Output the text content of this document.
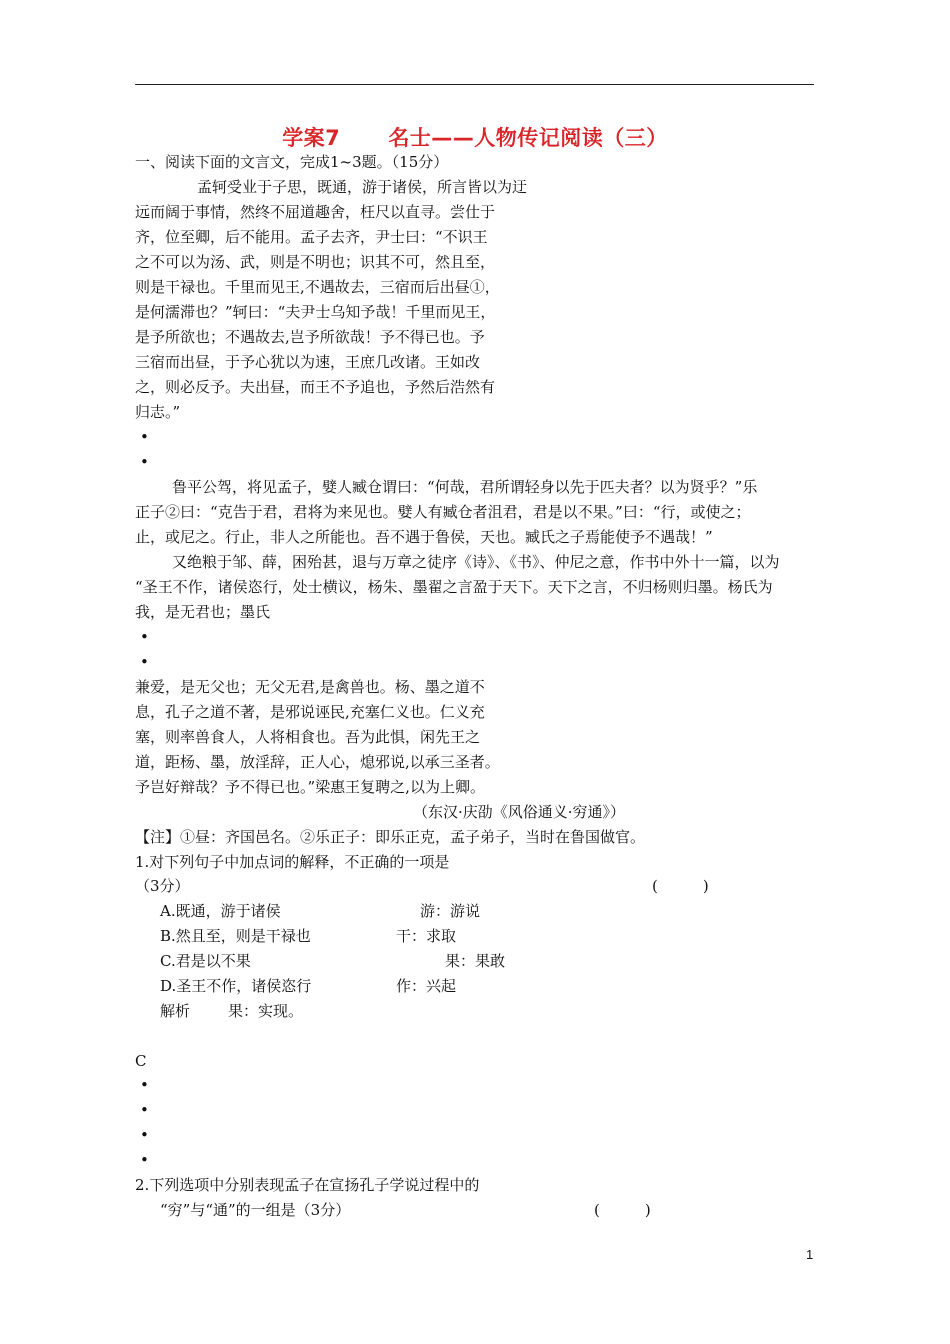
学案7 名士——人物传记阅读（三）
一、阅读下面的文言文，完成1~3题。（15分）
孟轲受业于子思，既通，游于诸侯，所言皆以为迂
远而阔于事情，然终不屈道趣舍，枉尺以直寻。尝仕于
齐，位至卿，后不能用。孟子去齐，尹士曰：“不识王
之不可以为汤、武，则是不明也；识其不可，然且至，
则是干禄也。千里而见王,不遇故去，三宿而后出昼①，
是何濡滞也？”轲曰：“夫尹士乌知予哉！千里而见王，
是予所欲也；不遇故去,岂予所欲哉！予不得已也。予
三宿而出昼，于予心犹以为速，王庶几改诸。王如改
之，则必反予。夫出昼，而王不予追也，予然后浩然有
归志。”
•
•
鲁平公驾，将见孟子，嬖人臧仓谓曰：“何哉，君所谓轻身以先于匹夫者？以为贤乎？”乐
正子②曰：“克告于君，君将为来见也。嬖人有臧仓者沮君，君是以不果。”曰：“行，或使之；
止，或尼之。行止，非人之所能也。吾不遇于鲁侯，天也。臧氏之子焉能使予不遇哉！”
又绝粮于邹、薛，困殆甚，退与万章之徒序《诗》、《书》、仲尼之意，作书中外十一篇，以为
“圣王不作，诸侯恣行，处士横议，杨朱、墨翟之言盈于天下。天下之言，不归杨则归墨。杨氏为
我，是无君也；墨氏
•
•
兼爱，是无父也；无父无君,是禽兽也。杨、墨之道不
息，孔子之道不著，是邪说诬民,充塞仁义也。仁义充
塞，则率兽食人，人将相食也。吾为此惧，闲先王之
道，距杨、墨，放淫辞，正人心，熄邪说,以承三圣者。
予岂好辩哉？予不得已也。”梁惠王复聘之,以为上卿。
（东汉·庆劭《风俗通义·穷通》）
【注】①昼：齐国邑名。②乐正子：即乐正克，孟子弟子，当时在鲁国做官。
1.对下列句子中加点词的解释，不正确的一项是
（3分）	(　　　)
A.既通，游于诸侯	游：游说
B.然且至，则是干禄也	干：求取
C.君是以不果	果：果敢
D.圣王不作，诸侯恣行	作：兴起
解析	果：实现。
C
•
•
•
•
2.下列选项中分别表现孟子在宣扬孔子学说过程中的
“穷”与“通”的一组是（3分）	(　　　)
1
